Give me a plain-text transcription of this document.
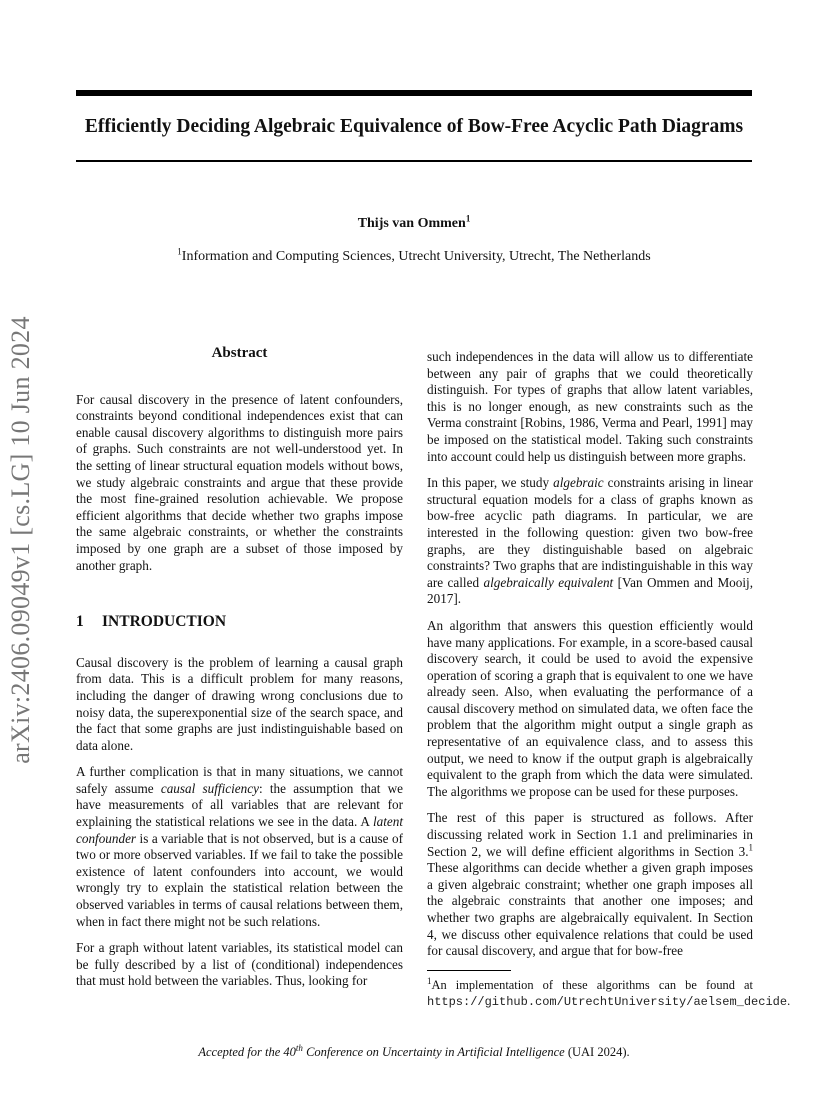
arXiv:2406.09049v1 [cs.LG] 10 Jun 2024
Efficiently Deciding Algebraic Equivalence of Bow-Free Acyclic Path Diagrams
Thijs van Ommen$^1$
$^1$Information and Computing Sciences, Utrecht University, Utrecht, The Netherlands
Abstract

For causal discovery in the presence of latent confounders, constraints beyond conditional independences exist that can enable causal discovery algorithms to distinguish more pairs of graphs. Such constraints are not well-understood yet. In the setting of linear structural equation models without bows, we study algebraic constraints and argue that these provide the most fine-grained resolution achievable. We propose efficient algorithms that decide whether two graphs impose the same algebraic constraints, or whether the constraints imposed by one graph are a subset of those imposed by another graph.

1 INTRODUCTION

Causal discovery is the problem of learning a causal graph from data. This is a difficult problem for many reasons, including the danger of drawing wrong conclusions due to noisy data, the superexponential size of the search space, and the fact that some graphs are just indistinguishable based on data alone.

A further complication is that in many situations, we cannot safely assume causal sufficiency: the assumption that we have measurements of all variables that are relevant for explaining the statistical relations we see in the data. A latent confounder is a variable that is not observed, but is a cause of two or more observed variables. If we fail to take the possible existence of latent confounders into account, we would wrongly try to explain the statistical relation between the observed variables in terms of causal relations between them, when in fact there might not be such relations.

For a graph without latent variables, its statistical model can be fully described by a list of (conditional) independences that must hold between the variables. Thus, looking for

such independences in the data will allow us to differentiate between any pair of graphs that we could theoretically distinguish. For types of graphs that allow latent variables, this is no longer enough, as new constraints such as the Verma constraint [Robins, 1986, Verma and Pearl, 1991] may be imposed on the statistical model. Taking such constraints into account could help us distinguish between more graphs.

In this paper, we study algebraic constraints arising in linear structural equation models for a class of graphs known as bow-free acyclic path diagrams. In particular, we are interested in the following question: given two bow-free graphs, are they distinguishable based on algebraic constraints? Two graphs that are indistinguishable in this way are called algebraically equivalent [Van Ommen and Mooij, 2017].

An algorithm that answers this question efficiently would have many applications. For example, in a score-based causal discovery search, it could be used to avoid the expensive operation of scoring a graph that is equivalent to one we have already seen. Also, when evaluating the performance of a causal discovery method on simulated data, we often face the problem that the algorithm might output a single graph as representative of an equivalence class, and to assess this output, we need to know if the output graph is algebraically equivalent to the graph from which the data were simulated. The algorithms we propose can be used for these purposes.

The rest of this paper is structured as follows. After discussing related work in Section 1.1 and preliminaries in Section 2, we will define efficient algorithms in Section 3.$^1$ These algorithms can decide whether a given graph imposes a given algebraic constraint; whether one graph imposes all the algebraic constraints that another one imposes; and whether two graphs are algebraically equivalent. In Section 4, we discuss other equivalence relations that could be used for causal discovery, and argue that for bow-free

$^1$An implementation of these algorithms can be found at https://github.com/UtrechtUniversity/aelsem_decide.
Accepted for the 40th Conference on Uncertainty in Artificial Intelligence (UAI 2024).
